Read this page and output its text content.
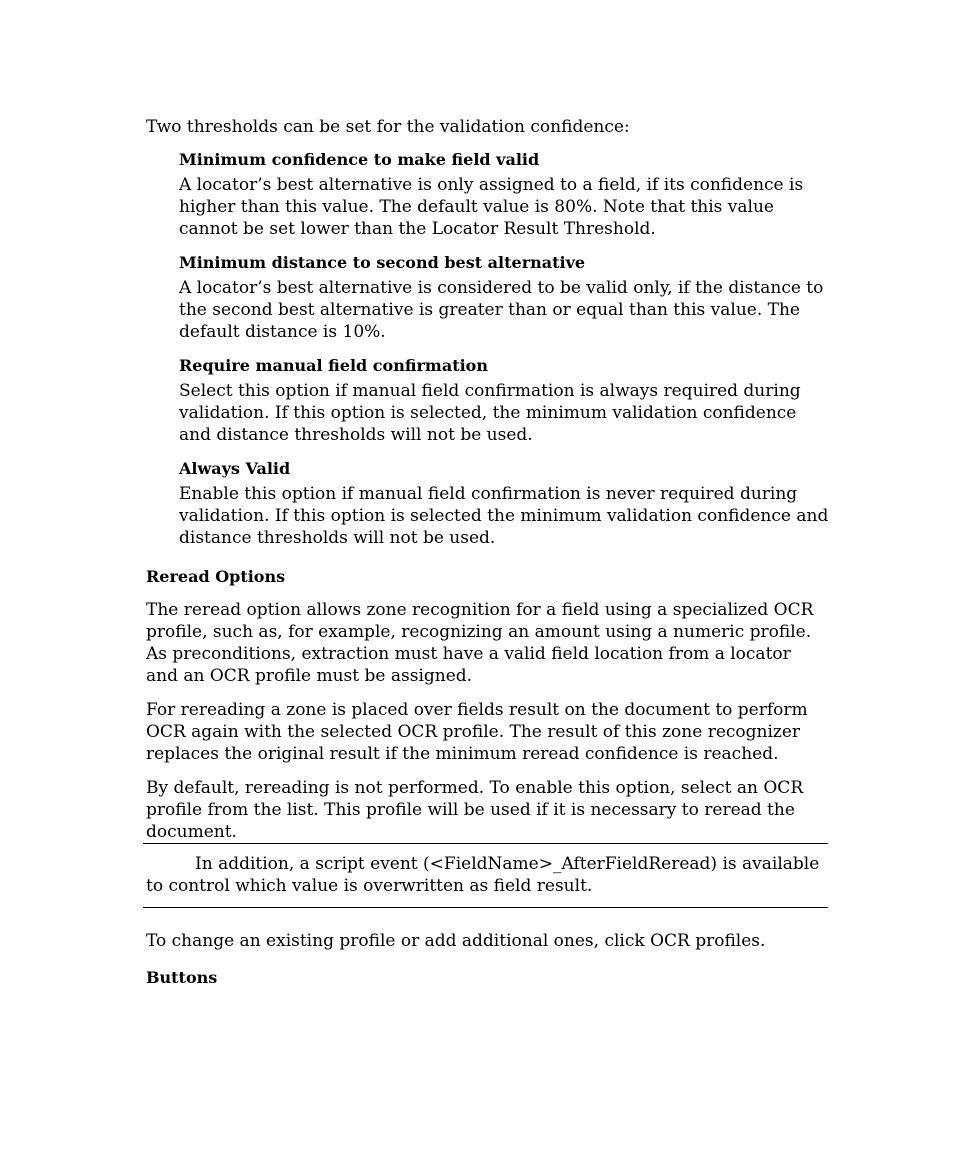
Two thresholds can be set for the validation confidence:

Minimum confidence to make field valid

A locator’s best alternative is only assigned to a field, if its confidence is higher than this value. The default value is 80%. Note that this value cannot be set lower than the Locator Result Threshold.

Minimum distance to second best alternative

A locator’s best alternative is considered to be valid only, if the distance to the second best alternative is greater than or equal than this value. The default distance is 10%.

Require manual field confirmation

Select this option if manual field confirmation is always required during validation. If this option is selected, the minimum validation confidence and distance thresholds will not be used.

Always Valid

Enable this option if manual field confirmation is never required during validation. If this option is selected the minimum validation confidence and distance thresholds will not be used.

Reread Options

The reread option allows zone recognition for a field using a specialized OCR profile, such as, for example, recognizing an amount using a numeric profile. As preconditions, extraction must have a valid field location from a locator and an OCR profile must be assigned.

For rereading a zone is placed over fields result on the document to perform OCR again with the selected OCR profile. The result of this zone recognizer replaces the original result if the minimum reread confidence is reached.

By default, rereading is not performed. To enable this option, select an OCR profile from the list. This profile will be used if it is necessary to reread the document.

In addition, a script event (<FieldName>_AfterFieldReread) is available to control which value is overwritten as field result.

To change an existing profile or add additional ones, click OCR profiles.

Buttons
